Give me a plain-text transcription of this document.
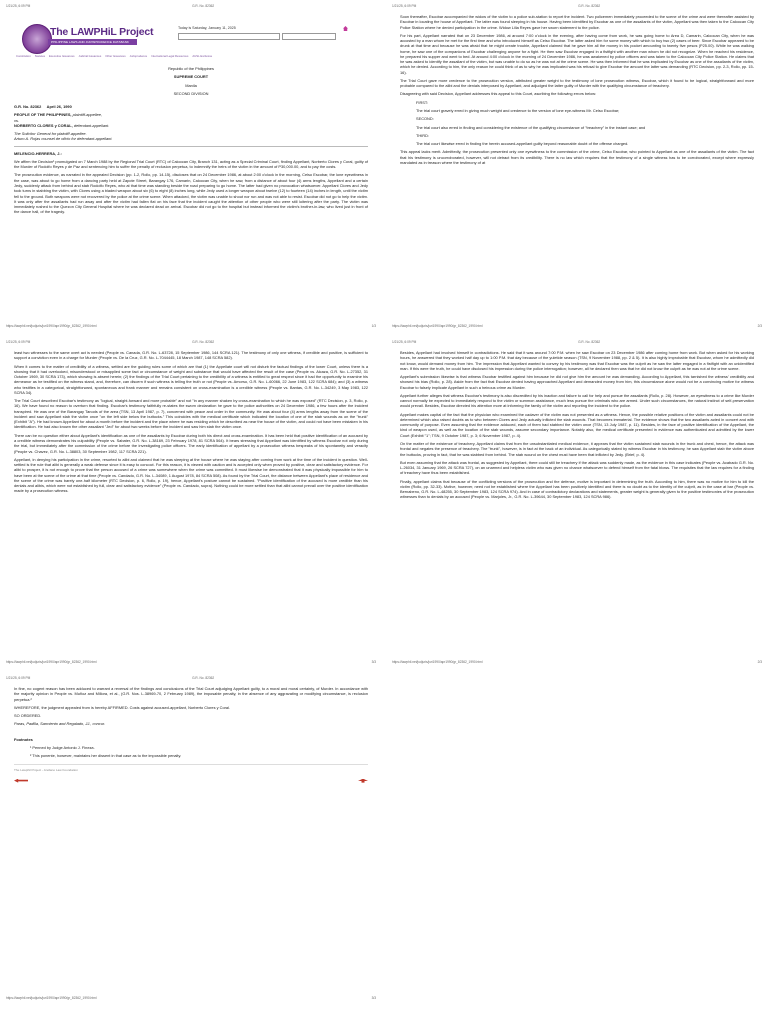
1/21/25, 6:09 PM	G.R. No. 82362
The LAWPHiL Project
PHILIPPINE LAWS AND JURISPRUDENCE DATABANK
Today is Saturday, January 11, 2025
Constitution Statutes Executive Issuances Judicial Issuances Other Issuances Jurisprudence International Legal Resources AUSL Exclusive

Republic of the Philippines

SUPREME COURT

Manila

SECOND DIVISION

G.R. No. 82362 April 26, 1990

PEOPLE OF THE PHILIPPINES, plaintiff-appellee,
vs.
NORBERTO CLORES y CORAL, defendant-appellant.

The Solicitor General for plaintiff-appellee.
Arturo A. Rojas counsel de oficio for defendant-appellant.

MELENCIO-HERRERA, J.:

We affirm the Decision¹ promulgated on 7 March 1988 by the Regional Trial Court (RTC) of Caloocan City, Branch 131, acting as a Special Criminal Court, finding Appellant, Norberto Clores y Coral, guilty of the Murder of Rodolfo Reyes y de Paz and sentencing him to suffer the penalty of reclusion perpetua, to indemnify the heirs of the victim in the amount of P30,000.00, and to pay the costs.

The prosecution evidence, as narrated in the appealed Decision (pp. 1-2, Rollo, pp. 14-15), discloses that on 24 December 1986, at about 2:00 o'clock in the morning, Celso Escobar, the lone eyewitness in the case, was about to go home from a dancing party held at Zapote Street, Barangay 176, Camarin, Caloocan City, when he saw, from a distance of about four (4) arms lengths, Appellant and a certain Jedy, suddenly attack from behind and stab Rodolfo Reyes, who at that time was standing beside the road preparing to go home. The latter had given no provocation whatsoever. Appellant Clores and Jedy took turns in stabbing the victim, with Clores using a bladed weapon about six (6) to eight (8) inches long, while Jedy used a longer weapon about twelve (12) to fourteen (14) inches in length, until the victim fell to the ground. Both weapons were not recovered by the police at the crime scene. When attacked, the victim was unable to shout nor run and was not able to resist. Escobar did not go to help the victim. It was only after the assailants had run away and after the victim had fallen flat on his face that the incident caught the attention of other people who were still loitering after the party. The victim was immediately rushed to the Quezon City General Hospital where he was declared dead on arrival. Escobar did not go to the hospital but instead informed the victim's brother-in-law, who lived just in front of the dance hall, of the tragedy.

https://lawphil.net/judjuris/juri1990/apr1990/gr_82362_1990.html	1/3
1/21/25, 6:09 PM	G.R. No. 82362

Soon thereafter, Escobar accompanied the widow of the victim to a police sub-station to report the incident. Two policemen immediately proceeded to the scene of the crime and were thereafter assisted by Escobar in locating the house of Appellant. The latter was found sleeping in his house. Having been identified by Escobar as one of the assailants of the victim, Appellant was then taken to the Caloocan City Police Station where he denied participation in the crime. Widow Lilia Reyes gave her sworn statement to the police.

For his part, Appellant narrated that on 23 December 1986, at around 7:00 o'clock in the evening, after having come from work, he was going home to Area D, Camarin, Caloocan City, when he was accosted by a man whom he met for the first time and who introduced himself as Celso Escobar. The latter asked him for some money with which to buy two (2) cases of beer. Since Escobar appeared to be drunk at that time and because he was afraid that he might create trouble, Appellant claimed that he gave him all the money in his pocket amounting to twenty five pesos (P25.00). While he was walking home, he saw one of the companions of Escobar challenging anyone for a fight. He then saw Escobar engaged in a fistfight with another man whom he did not recognize. When he reached his residence, he prepared his supper and went to bed. At around 4:00 o'clock in the morning of 24 December 1986, he was awakened by police officers and was taken to the Caloocan City Police Station. He claims that he was asked to identify the assailant of the victim, but was unable to do so as he was not at the crime scene. He was then informed that he was implicated by Escobar as one of the assailants of the victim, which he denied. According to him, the only reason he could think of as to why he was implicated was his refusal to give Escobar the amount the latter was demanding (RTC Decision, pp. 2-3, Rollo, pp. 15-16).

The Trial Court gave more credence to the prosecution version, attributed greater weight to the testimony of lone prosecution witness, Escobar, which it found to be logical, straightforward and more probable compared to the alibi and the denials interposed by Appellant, and adjudged the latter guilty of Murder with the qualifying circumstance of treachery.

Disagreeing with said Decision, Appellant addresses this appeal to this Court, ascribing the following errors below:

FIRST:

The trial court gravely erred in giving much weight and credence to the version of lone eye-witness Mr. Celso Escobar;

SECOND:

The trial court also erred in finding and considering the existence of the qualifying circumstance of "treachery" in the instant case; and

THIRD:

The trial court likewise erred in finding the herein accused-appellant guilty beyond reasonable doubt of the offense charged.

This appeal lacks merit. Admittedly, the prosecution presented only one eyewitness to the commission of the crime, Celso Escobar, who pointed to Appellant as one of the assailants of the victim. The fact that his testimony is uncorroborated, however, will not detract from its credibility. There is no law which requires that the testimony of a single witness has to be corroborated, except where expressly mandated as in treason where the testimony of at

https://lawphil.net/judjuris/juri1990/apr1990/gr_82362_1990.html	2/3
1/21/25, 6:09 PM	G.R. No. 82362

least two witnesses to the same overt act is needed (People vs. Canada, G.R. No. L-63728, 15 September 1986, 144 SCRA 121). The testimony of only one witness, if credible and positive, is sufficient to support a conviction even in a charge for Murder (People vs. De la Cruz, G.R. No. L-7044445, 18 March 1987, 148 SCRA 582).

When it comes to the matter of credibility of a witness, settled are the guiding rules some of which are that (1) the Appellate court will not disturb the factual findings of the lower Court, unless there is a showing that it had overlooked, misunderstood or misapplied some fact or circumstance of weight and substance that would have affected the result of the case (People vs. Alcaza, G.R. No. L-27352, 31 October 1969, 30 SCRA 173), which showing is absent herein; (2) the findings of the Trial Court pertaining to the credibility of a witness is entitled to great respect since it had the opportunity to examine his demeanor as he testified on the witness stand, and, therefore, can discern if such witness is telling the truth or not (People vs. Amorso, G.R. No. L-60066, 22 June 1983, 122 SCRA 684); and (3) a witness who testifies in a categorical, straightforward, spontaneous and frank manner and remains consistent on cross-examination is a credible witness (People vs. Bantas, G.R. No. L-34249, 3 May 1983, 122 SCRA 34).

The Trial Court described Escobar's testimony as "logical, straight-forward and more probable" and not "in any manner shaken by cross-examination to which he was exposed" (RTC Decision, p. 3, Rollo, p. 16). We have found no reason to overturn that finding. Escobar's testimony faithfully re-states the sworn declaration he gave to the police authorities on 24 December 1986, a few hours after the incident transpired. He was one of the Barangay Tanods of the area (TSN, 13 April 1987, p. 7), concerned with peace and order in the community. He was about four (4) arms lengths away from the scene of the incident and saw Appellant stab the victim once "on the left side below the buttocks." This coincides with the medical certificate which indicated the location of one of the stab wounds as on the "trunk" (Exhibit "A"). He had known Appellant for about a month before the incident and the place where he was residing which he described as near the house of the victim, and could not have been mistaken in his identification. He had also known the other assailant "Jed" for about two weeks before the incident and saw him stab the victim once.

There can be no question either about Appellant's identification as one of the assailants by Escobar during both his direct and cross-examination. It has been held that positive identification of an accused by a credible witness demonstrates his culpability (People vs. Sabater, G.R. No. L-38169, 23 February 1978, 81 SCRA 564). It bears stressing that Appellant was identified by witness Escobar not only during the trial, but immediately after the commission of the crime before the investigating police officers. The early identification of appellant by a prosecution witness bespeaks of his spontaneity and veracity (People vs. Chavez, G.R. No. L-38803, 30 September 1982, 117 SCRA 221).

Appellant, in denying his participation in the crime, resorted to alibi and claimed that he was sleeping at the house where he was staying after coming from work at the time of the incident in question. Well-settled is the rule that alibi is generally a weak defense since it is easy to concoct. For this reason, it is viewed with caution and is accepted only when proved by positive, clear and satisfactory evidence. For alibi to prosper, it is not enough to prove that the person accused of a crime was somewhere when the crime was committed. It must likewise be demonstrated that it was physically impossible for him to have been at the scene of the crime at that time (People vs. Candado, G.R. No. L-34089, 1 August 1978, 84 SCRA 508). As found by the Trial Court, the distance between Appellant's place of residence and the scene of the crime was barely one-half kilometer (RTC Decision, p. 6, Rollo, p. 19), hence, Appellant's posture cannot be sustained. "Positive identification of the accused is more credible than his denials and alibis, which were not established by full, clear and satisfactory evidence" (People vs. Candado, supra). Nothing could be more settled than that alibi cannot prevail over the positive identification made by a prosecution witness.

https://lawphil.net/judjuris/juri1990/apr1990/gr_82362_1990.html	3/3
1/21/25, 6:09 PM	G.R. No. 82362

Besides, Appellant had involved himself in contradictions. He said that it was around 7:00 P.M. when he saw Escobar on 23 December 1986 after coming home from work. But when asked for his working hours, he answered that they worked half day up to 1:00 P.M. that day because of the yuletide season (TSN, 9 November 1988, pp. 2 & 5). It is also highly improbable that Escobar, whom he admittedly did not know, would demand money from him. The impression that Appellant wanted to convey by his testimony was that Escobar was the culprit as he saw the latter engaged in a fistfight with an unidentified man. If this were the truth, he could have disclosed his impression during the police interrogation; however, all he declared then was that he did not know the culprit as he was not at the crime scene.

Appellant's submission likewise is that witness Escobar testified against him because he did not give him the amount he was demanding. According to Appellant, this tarnished the witness' credibility and showed his bias (Rollo, p. 28). Aside from the fact that Escobar denied having approached Appellant and demanded money from him, this circumstance alone would not be a convincing motive for witness Escobar to falsely implicate Appellant in such a heinous crime as Murder.

Appellant further alleges that witness Escobar's testimony is also discredited by his inaction and failure to call for help and pursue the assailants (Rollo, p. 28). However, an eyewitness to a crime like Murder cannot normally be expected to immediately respond to the victim or summon assistance, much less pursue the criminals who are armed. Under such circumstances, the natural instinct of self-preservation would prevail. Besides, Escobar directed his attention more at informing the family of the victim and reporting the incident to the police.

Appellant makes capital of the fact that the physician who examined the cadaver of the victim was not presented as a witness. Hence, the possible relative positions of the victim and assailants could not be determined which also raised doubts as to who between Clores and Jedy actually inflicted the stab wounds. That becomes immaterial. The evidence shows that the two assailants acted in concert and with community of purpose. Even assuming that the evidence adduced, each of them had stabbed the victim once (TSN, 13 July 1987, p. 11). Besides, in the face of positive identification of the Appellant, the kind of weapon used, as well as the location of the stab wounds, assume secondary importance. Notably also, the medical certificate presented in evidence was authenticated and admitted by the lower Court (Exhibit "1"; TSN, 9 October 1987, p. 3; 6 November 1987, p. 4).

On the matter of the existence of treachery, Appellant claims that from the unsubstantiated medical evidence, it appears that the victim sustained stab wounds in the trunk and chest, hence, the attack was frontal and negates the presence of treachery. The "trunk", however, is in fact at the back of an individual. As categorically stated by witness Escobar in his testimony, he saw Appellant stab the victim above the buttocks, proving in fact, that he was stabbed from behind. The stab wound on the chest must have been that inflicted by Jedy. (Brief, p. 4).

But even assuming that the attack was frontal, as suggested by Appellant, there could still be treachery if the attack was suddenly made, as the evidence in this case indicates (People vs. Acabado G.R. No. L-26034, 31 January 1969, 26 SCRA 727), on an unarmed and helpless victim who was given no chance whatsoever to defend himself from the fatal blows. The requisites that the law requires for a finding of treachery have thus been established.

Finally, appellant claims that because of the conflicting versions of the prosecution and the defense, motive is important in determining the truth. According to him, there was no motive for him to kill the victim (Rollo, pp. 32-33). Motive, however, need not be established where the Appellant has been positively identified and there is no doubt as to the identity of the culprit, as in the case at bar (People vs. Bernabeno, G.R. No. L-48255, 30 September 1983, 124 SCRA 974). And in case of contradictory declarations and statements, greater weight is generally given to the positive testimonies of the prosecution witnesses than to denials by an accused (People vs. Marjoles, Jr., G.R. No. L-39644, 30 September 1983, 124 SCRA 986).

https://lawphil.net/judjuris/juri1990/apr1990/gr_82362_1990.html	2/3
1/21/25, 6:09 PM	G.R. No. 82362

In fine, no cogent reason has been adduced to warrant a reversal of the findings and conclusions of the Trial Court adjudging Appellant guilty, to a moral and moral certainty, of Murder. In accordance with the majority opinion in People vs. Muñoz and Millora, et al., (G.R. Nos. L-38969-70, 2 February 1989), the imposable penalty, in the absence of any aggravating or modifying circumstance, is reclusion perpetua.²

WHEREFORE, the judgment appealed from is hereby AFFIRMED. Costs against accused-appellant, Norberto Clores y Coral.

SO ORDERED.

Paras, Padilla, Sarmiento and Regalado, JJ., concur.

Footnotes

¹ Penned by Judge Antonio J. Fineza.

² This ponente, however, maintains her dissent in that case as to the impossible penalty.

The Lawphil Project - Arellano Law Foundation

https://lawphil.net/judjuris/juri1990/apr1990/gr_82362_1990.html	3/3
